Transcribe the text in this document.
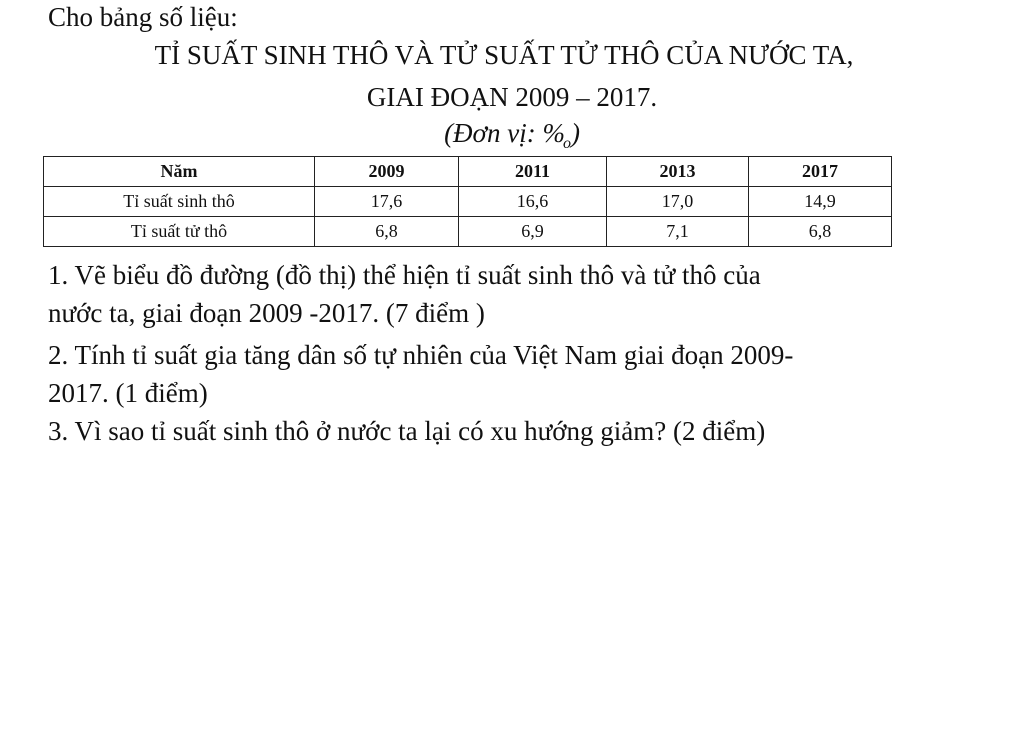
Cho bảng số liệu:
TỈ SUẤT SINH THÔ VÀ TỬ SUẤT TỬ THÔ CỦA NƯỚC TA,
GIAI ĐOẠN 2009 – 2017.
(Đơn vị: $\%_o$)
Năm	2009	2011	2013	2017
Tỉ suất sinh thô	17,6	16,6	17,0	14,9
Tỉ suất tử thô	6,8	6,9	7,1	6,8
1. Vẽ biểu đồ đường (đồ thị) thể hiện tỉ suất sinh thô và tử thô của
nước ta, giai đoạn 2009 -2017. (7 điểm )
2. Tính tỉ suất gia tăng dân số tự nhiên của Việt Nam giai đoạn 2009-
2017. (1 điểm)
3. Vì sao tỉ suất sinh thô ở nước ta lại có xu hướng giảm? (2 điểm)
